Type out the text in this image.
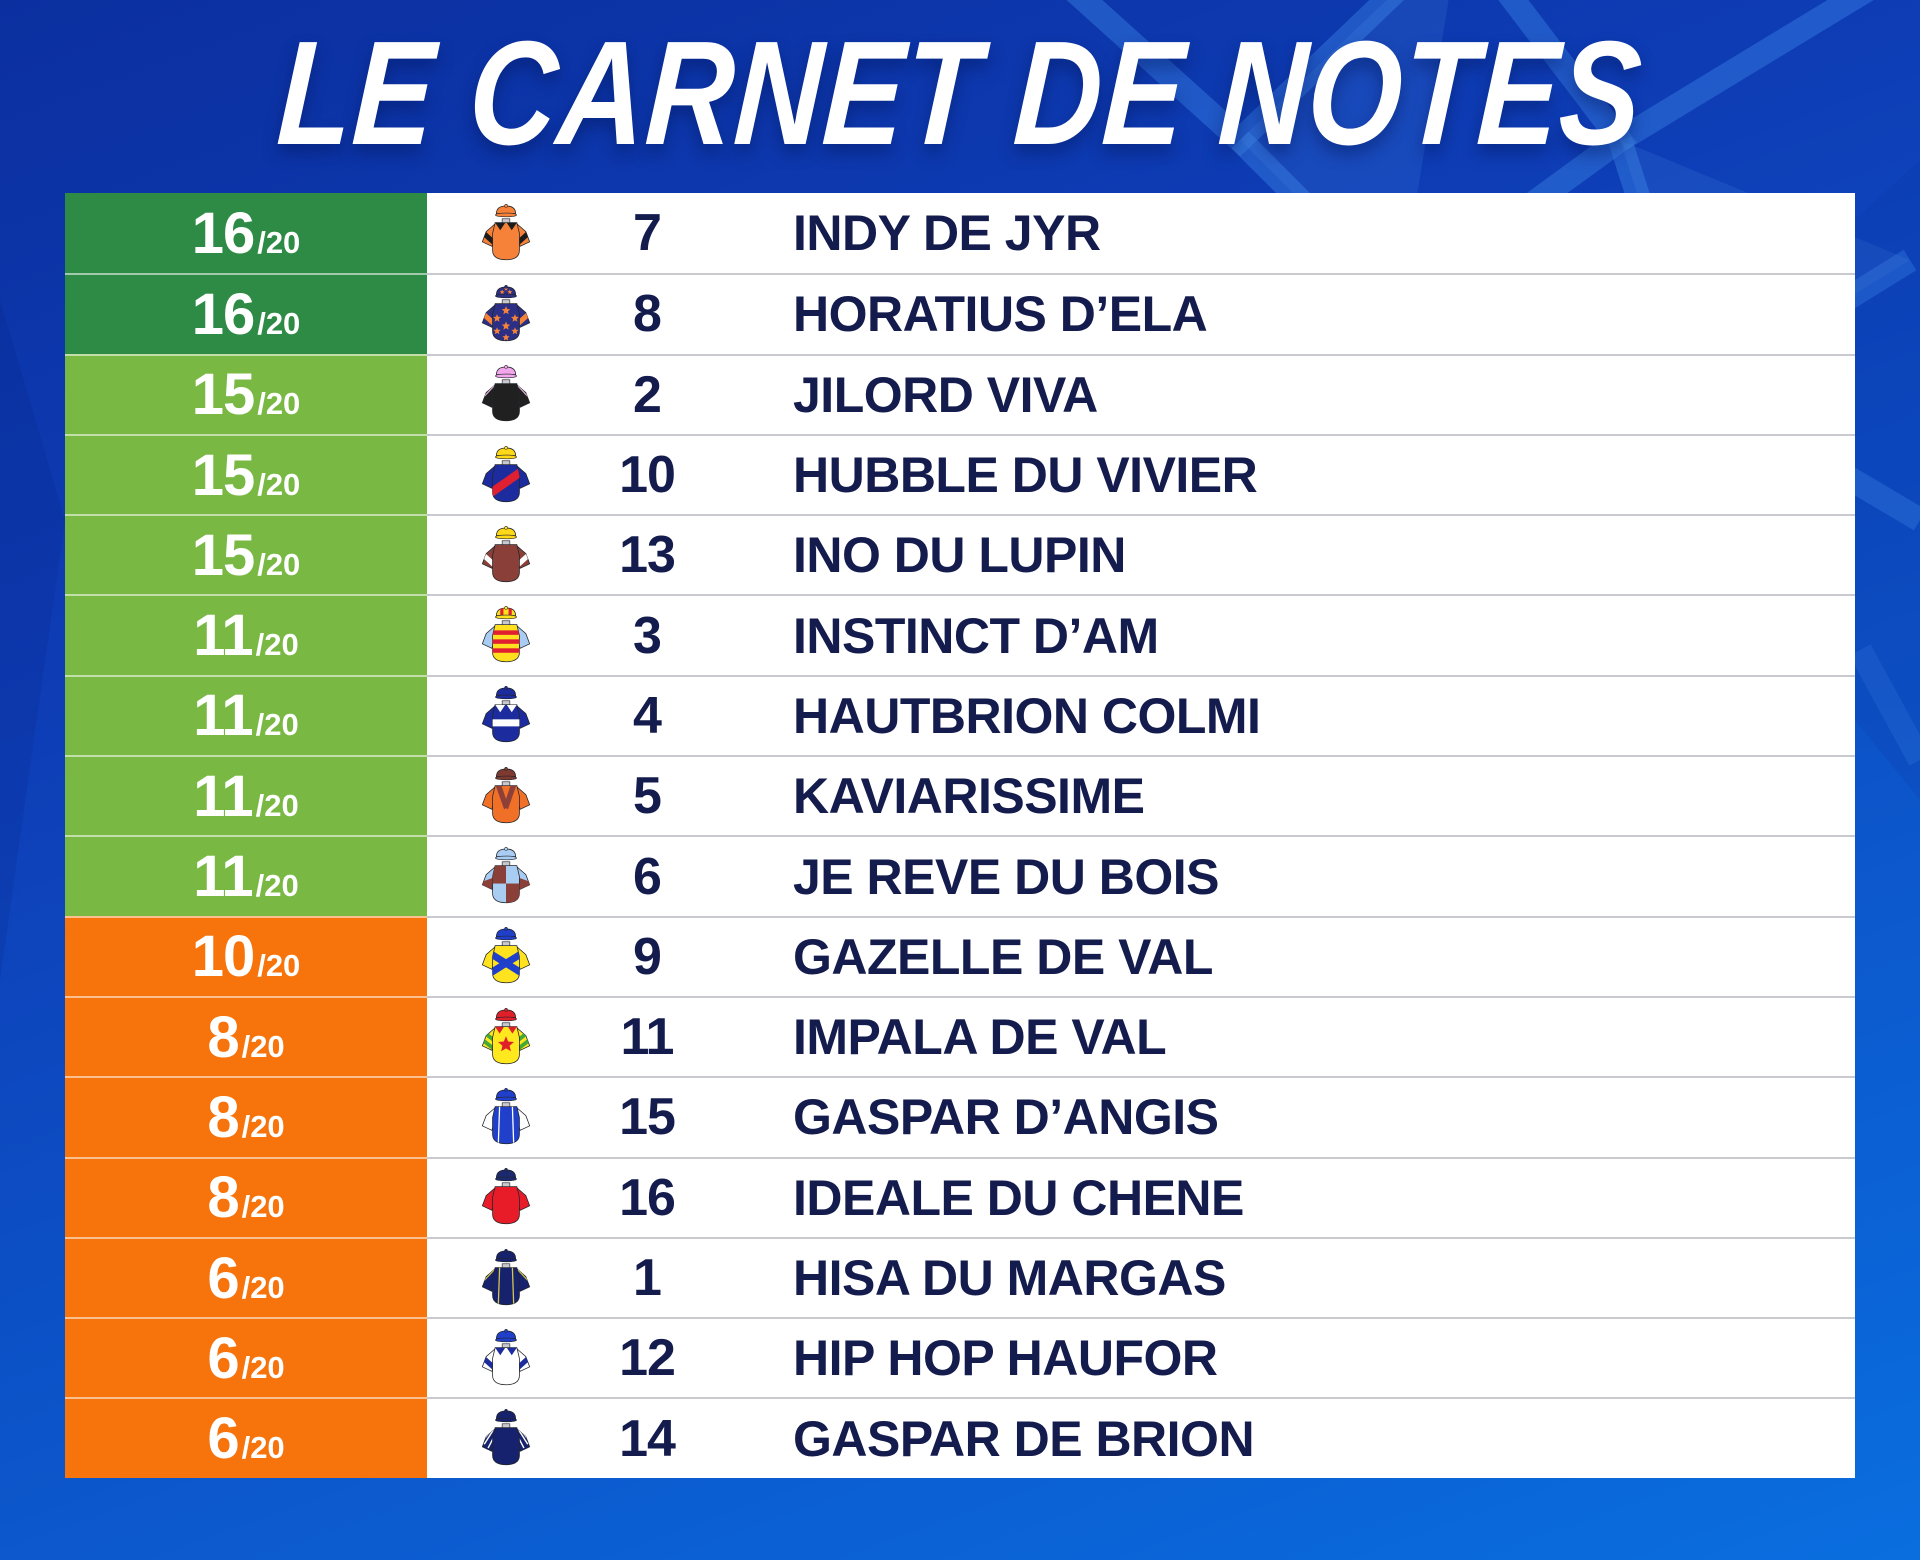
LE CARNET DE NOTES
16 /20	7	INDY DE JYR
16 /20	8	HORATIUS D’ELA
15 /20	2	JILORD VIVA
15 /20	10	HUBBLE DU VIVIER
15 /20	13	INO DU LUPIN
11 /20	3	INSTINCT D’AM
11 /20	4	HAUTBRION COLMI
11 /20	5	KAVIARISSIME
11 /20	6	JE REVE DU BOIS
10 /20	9	GAZELLE DE VAL
8 /20	11	IMPALA DE VAL
8 /20	15	GASPAR D’ANGIS
8 /20	16	IDEALE DU CHENE
6 /20	1	HISA DU MARGAS
6 /20	12	HIP HOP HAUFOR
6 /20	14	GASPAR DE BRION
